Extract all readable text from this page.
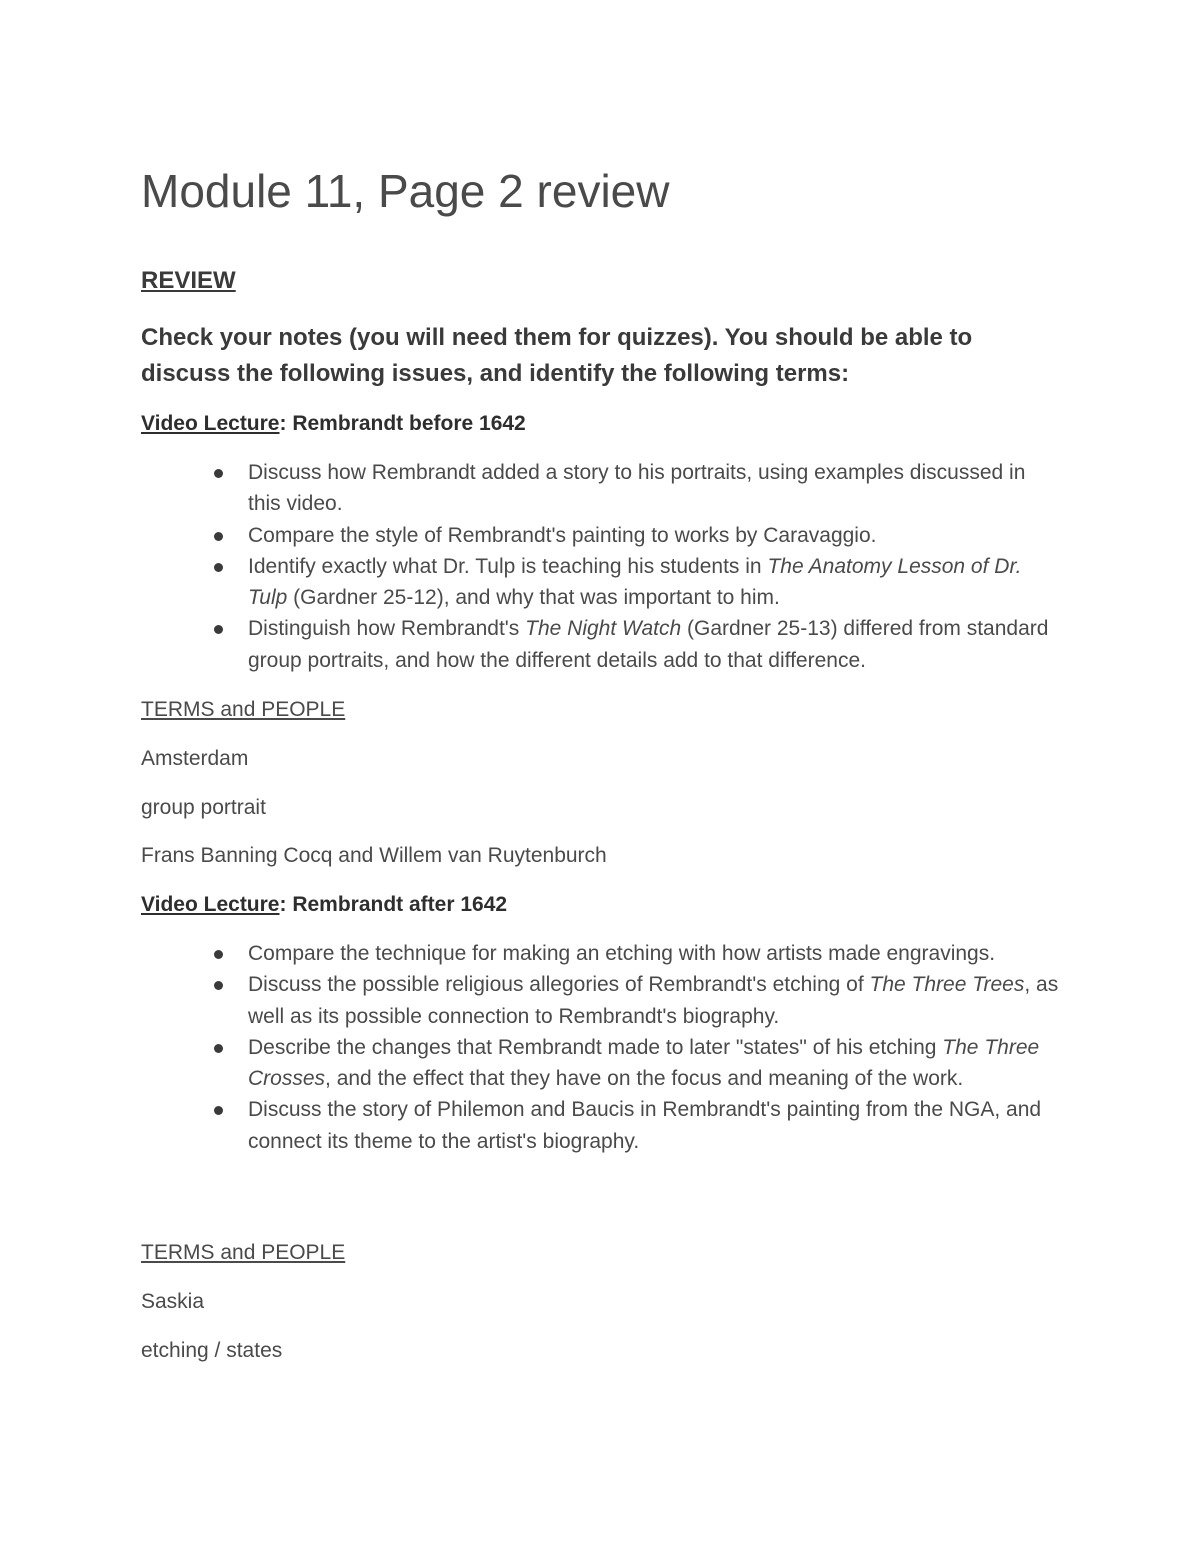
Module 11, Page 2 review
REVIEW
Check your notes (you will need them for quizzes). You should be able to discuss the following issues, and identify the following terms:
Video Lecture: Rembrandt before 1642
Discuss how Rembrandt added a story to his portraits, using examples discussed in this video.
Compare the style of Rembrandt's painting to works by Caravaggio.
Identify exactly what Dr. Tulp is teaching his students in The Anatomy Lesson of Dr. Tulp (Gardner 25-12), and why that was important to him.
Distinguish how Rembrandt's The Night Watch (Gardner 25-13) differed from standard group portraits, and how the different details add to that difference.
TERMS and PEOPLE
Amsterdam
group portrait
Frans Banning Cocq and Willem van Ruytenburch
Video Lecture: Rembrandt after 1642
Compare the technique for making an etching with how artists made engravings.
Discuss the possible religious allegories of Rembrandt's etching of The Three Trees, as well as its possible connection to Rembrandt's biography.
Describe the changes that Rembrandt made to later "states" of his etching The Three Crosses, and the effect that they have on the focus and meaning of the work.
Discuss the story of Philemon and Baucis in Rembrandt's painting from the NGA, and connect its theme to the artist's biography.
TERMS and PEOPLE
Saskia
etching / states
